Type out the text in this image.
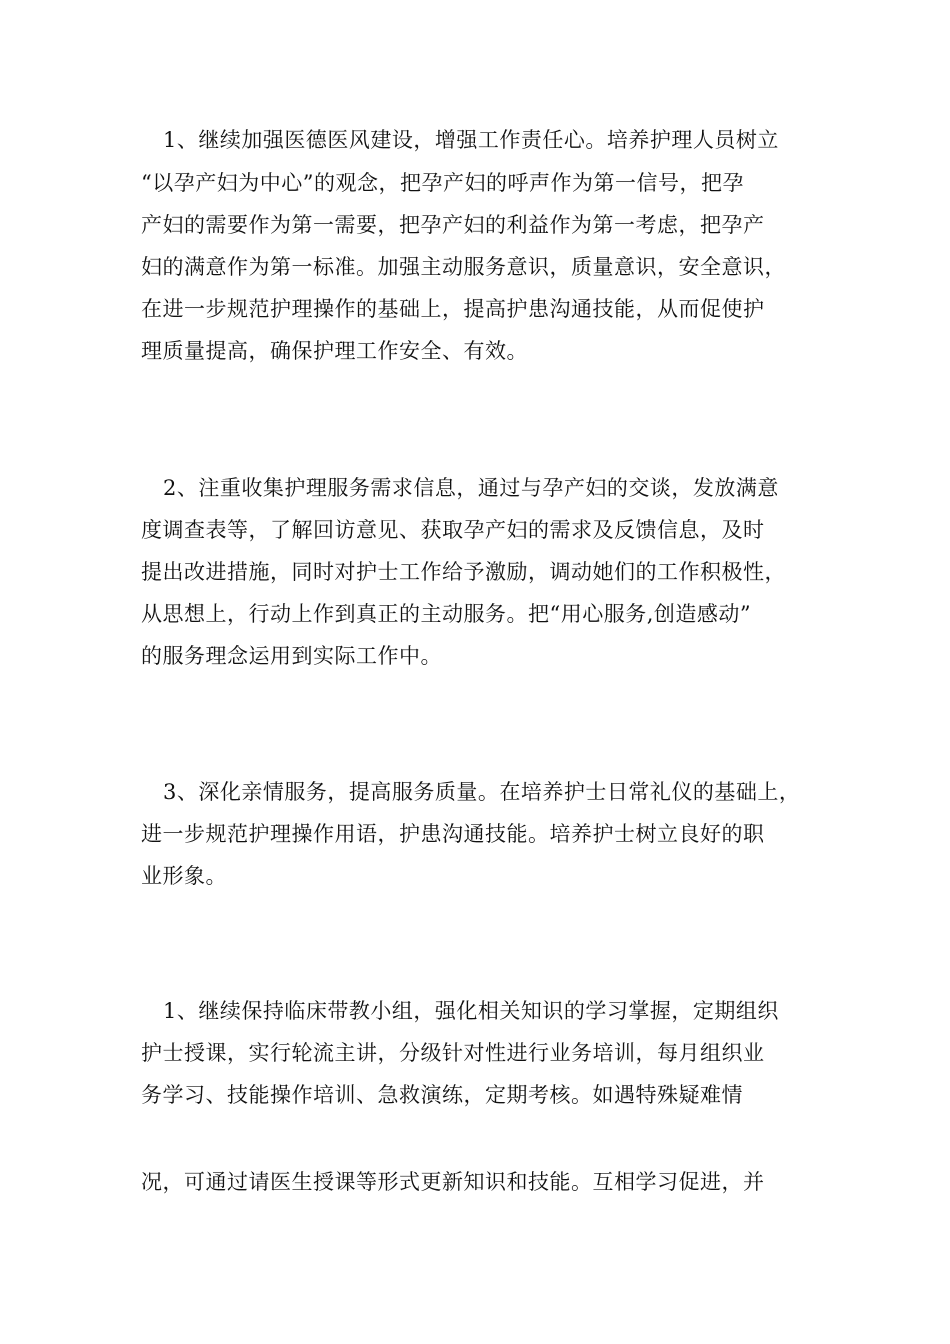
1、继续加强医德医风建设，增强工作责任心。培养护理人员树立
“以孕产妇为中心”的观念，把孕产妇的呼声作为第一信号，把孕
产妇的需要作为第一需要，把孕产妇的利益作为第一考虑，把孕产
妇的满意作为第一标准。加强主动服务意识，质量意识，安全意识，
在进一步规范护理操作的基础上，提高护患沟通技能，从而促使护
理质量提高，确保护理工作安全、有效。
2、注重收集护理服务需求信息，通过与孕产妇的交谈，发放满意
度调查表等，了解回访意见、获取孕产妇的需求及反馈信息，及时
提出改进措施，同时对护士工作给予激励，调动她们的工作积极性，
从思想上，行动上作到真正的主动服务。把“用心服务,创造感动”
的服务理念运用到实际工作中。
3、深化亲情服务，提高服务质量。在培养护士日常礼仪的基础上，
进一步规范护理操作用语，护患沟通技能。培养护士树立良好的职
业形象。
1、继续保持临床带教小组，强化相关知识的学习掌握，定期组织
护士授课，实行轮流主讲，分级针对性进行业务培训，每月组织业
务学习、技能操作培训、急救演练，定期考核。如遇特殊疑难情
况，可通过请医生授课等形式更新知识和技能。互相学习促进，并
